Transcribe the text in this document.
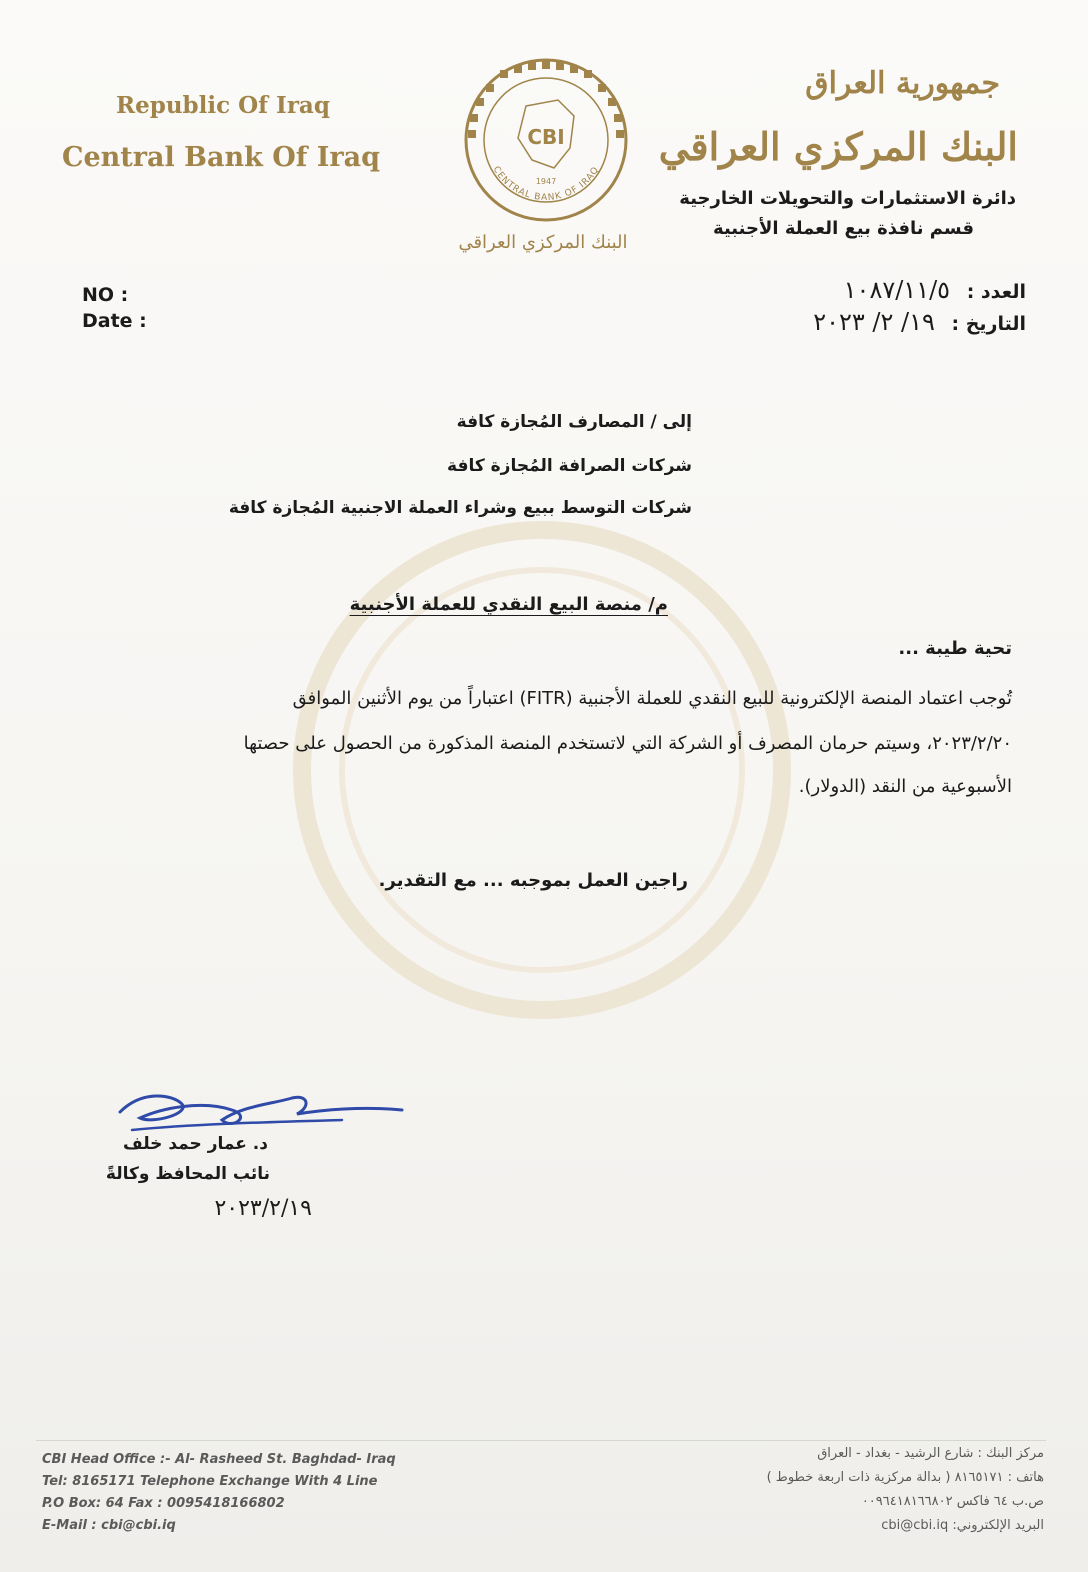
Republic Of Iraq
Central Bank Of Iraq
جمهورية العراق
البنك المركزي العراقي
دائرة الاستثمارات والتحويلات الخارجية
قسم نافذة بيع العملة الأجنبية
CBI
CENTRAL BANK OF IRAQ
1947
البنك المركزي العراقي
NO :
Date :
العدد : ١٠٨٧/١١/٥
التاريخ : ١٩/ ٢/ ٢٠٢٣
إلى / المصارف المُجازة كافة
شركات الصرافة المُجازة كافة
شركات التوسط ببيع وشراء العملة الاجنبية المُجازة كافة
م/ منصة البيع النقدي للعملة الأجنبية
تحية طيبة ...
تُوجب اعتماد المنصة الإلكترونية للبيع النقدي للعملة الأجنبية (FITR) اعتباراً من يوم الأثنين الموافق
٢٠٢٣/٢/٢٠، وسيتم حرمان المصرف أو الشركة التي لاتستخدم المنصة المذكورة من الحصول على حصتها
الأسبوعية من النقد (الدولار).
راجين العمل بموجبه ... مع التقدير.
د. عمار حمد خلف
نائب المحافظ وكالةً
٢٠٢٣/٢/١٩
CBI Head Office :- Al- Rasheed St. Baghdad- Iraq
Tel: 8165171 Telephone Exchange With 4 Line
P.O Box: 64 Fax : 0095418166802
E-Mail : cbi@cbi.iq
مركز البنك : شارع الرشيد - بغداد - العراق
هاتف : ٨١٦٥١٧١ ( بدالة مركزية ذات اربعة خطوط )
ص.ب ٦٤ فاكس ٠٠٩٦٤١٨١٦٦٨٠٢
البريد الإلكتروني: cbi@cbi.iq
